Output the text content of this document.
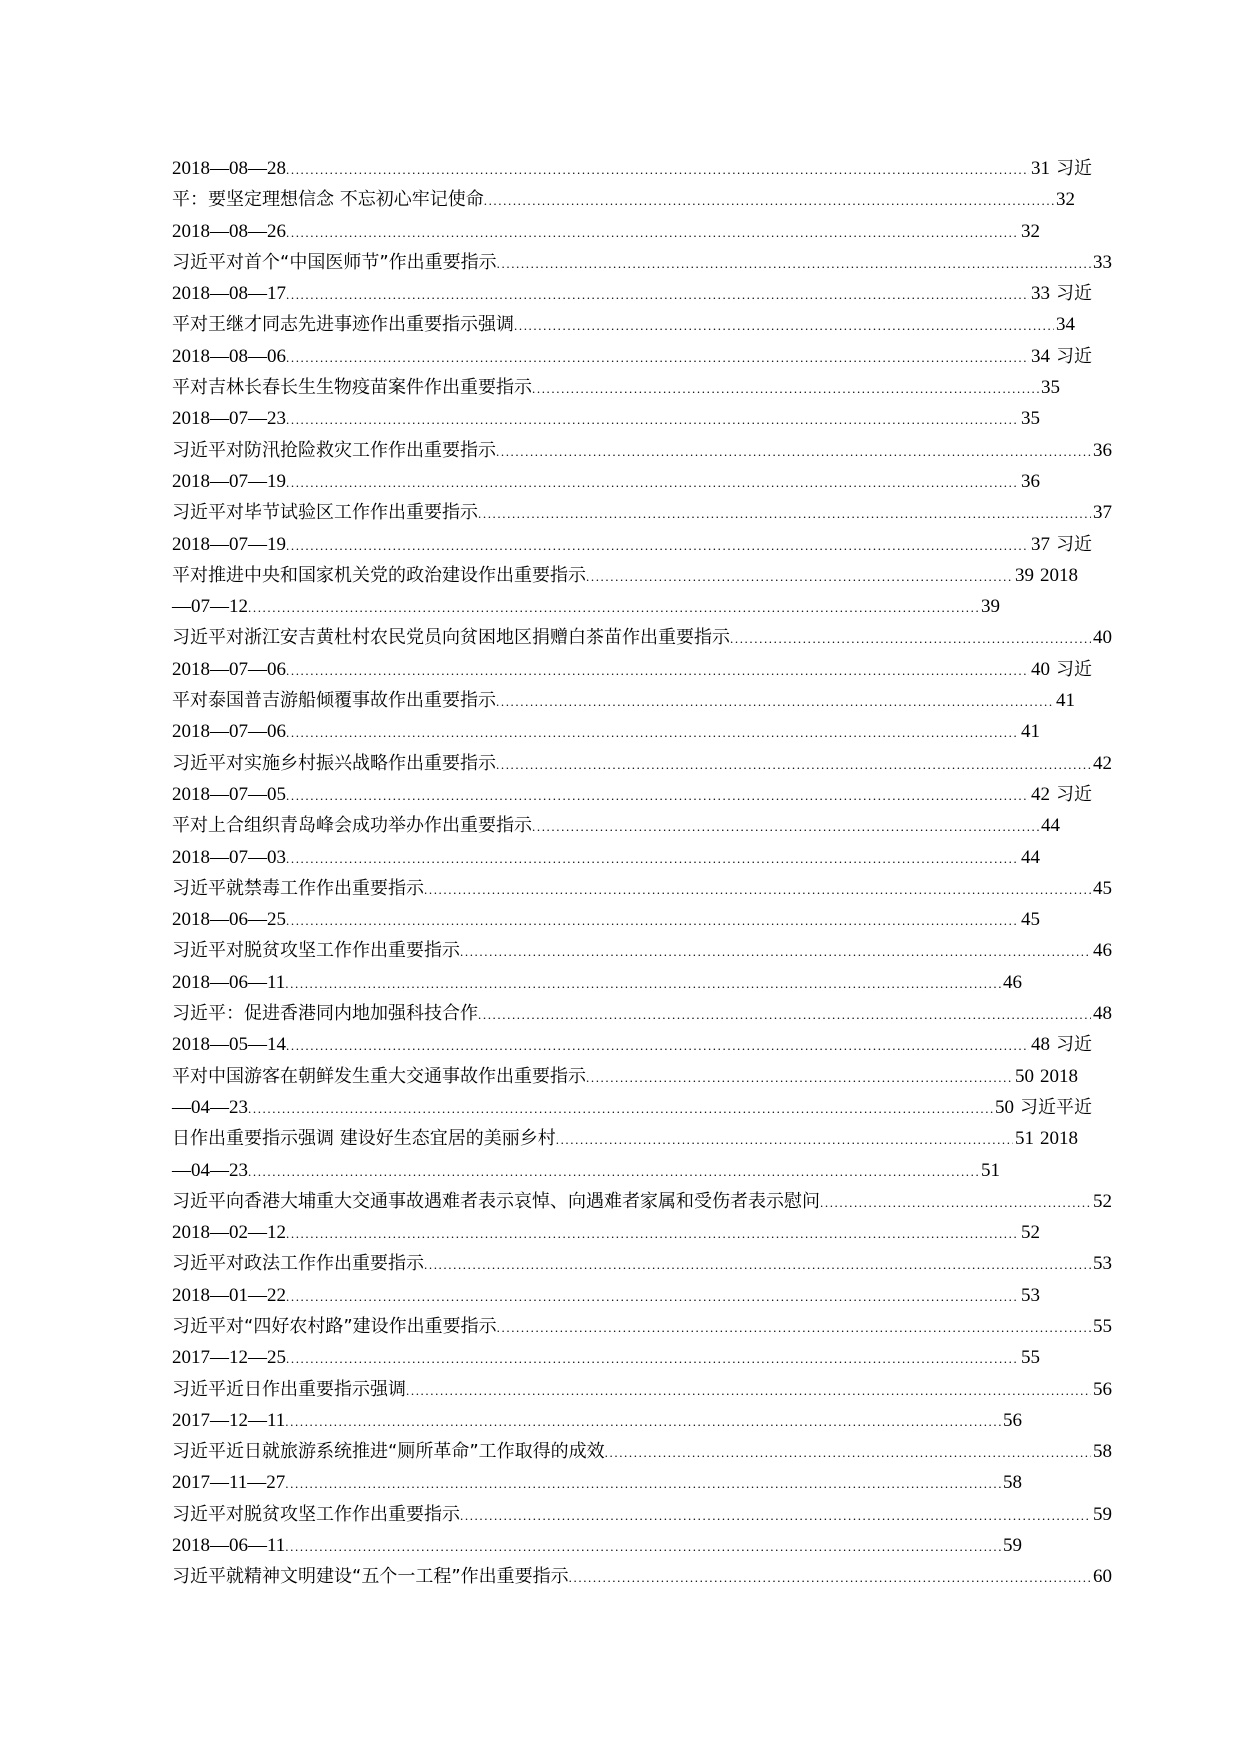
2018—08—28 .....	31 习近
平：要坚定理想信念 不忘初心牢记使命 .....	32
2018—08—26 .....	32
习近平对首个“中国医师节”作出重要指示 .....	33
2018—08—17 .....	33 习近
平对王继才同志先进事迹作出重要指示强调 .....	34
2018—08—06 .....	34 习近
平对吉林长春长生生物疫苗案件作出重要指示 .....	35
2018—07—23 .....	35
习近平对防汛抢险救灾工作作出重要指示 .....	36
2018—07—19 .....	36
习近平对毕节试验区工作作出重要指示 .....	37
2018—07—19 .....	37 习近
平对推进中央和国家机关党的政治建设作出重要指示 .....	39 2018
—07—12 .....	39
习近平对浙江安吉黄杜村农民党员向贫困地区捐赠白茶苗作出重要指示 .....	40
2018—07—06 .....	40 习近
平对泰国普吉游船倾覆事故作出重要指示 .....	41
2018—07—06 .....	41
习近平对实施乡村振兴战略作出重要指示 .....	42
2018—07—05 .....	42 习近
平对上合组织青岛峰会成功举办作出重要指示 .....	44
2018—07—03 .....	44
习近平就禁毒工作作出重要指示 .....	45
2018—06—25 .....	45
习近平对脱贫攻坚工作作出重要指示 .....	46
2018—06—11 .....	46
习近平：促进香港同内地加强科技合作 .....	48
2018—05—14 .....	48 习近
平对中国游客在朝鲜发生重大交通事故作出重要指示 .....	50 2018
—04—23 .....	50 习近平近
日作出重要指示强调 建设好生态宜居的美丽乡村 .....	51 2018
—04—23 .....	51
习近平向香港大埔重大交通事故遇难者表示哀悼、向遇难者家属和受伤者表示慰问 .....	52
2018—02—12 .....	52
习近平对政法工作作出重要指示 .....	53
2018—01—22 .....	53
习近平对“四好农村路”建设作出重要指示 .....	55
2017—12—25 .....	55
习近平近日作出重要指示强调 .....	56
2017—12—11 .....	56
习近平近日就旅游系统推进“厕所革命”工作取得的成效 .....	58
2017—11—27 .....	58
习近平对脱贫攻坚工作作出重要指示 .....	59
2018—06—11 .....	59
习近平就精神文明建设“五个一工程”作出重要指示 .....	60
